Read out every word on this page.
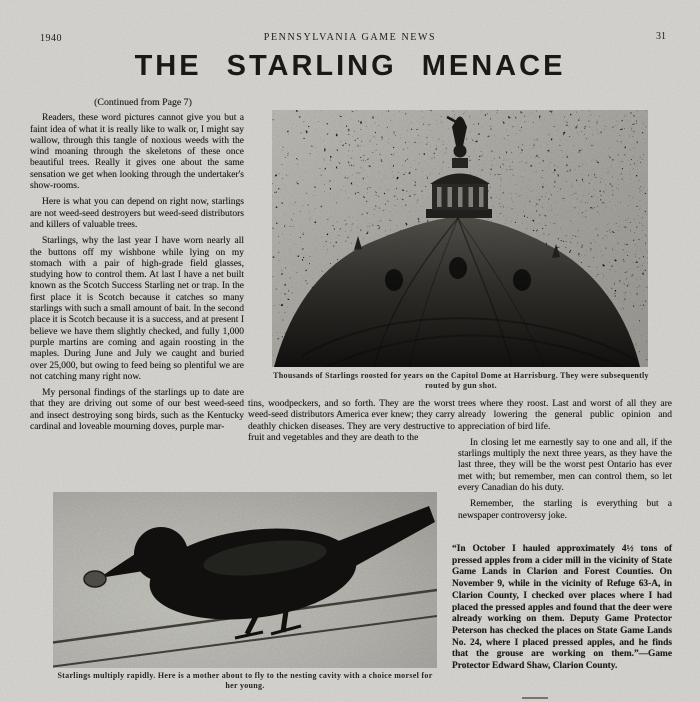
1940	PENNSYLVANIA GAME NEWS	31
THE STARLING MENACE

(Continued from Page 7)

Readers, these word pictures cannot give you but a faint idea of what it is really like to walk or, I might say wallow, through this tangle of noxious weeds with the wind moaning through the skeletons of these once beautiful trees. Really it gives one about the same sensation we get when looking through the undertaker's show-rooms.

Here is what you can depend on right now, starlings are not weed-seed destroyers but weed-seed distributors and killers of valuable trees.

Starlings, why the last year I have worn nearly all the buttons off my wishbone while lying on my stomach with a pair of high-grade field glasses, studying how to control them. At last I have a net built known as the Scotch Success Starling net or trap. In the first place it is Scotch because it catches so many starlings with such a small amount of bait. In the second place it is Scotch because it is a success, and at present I believe we have them slightly checked, and fully 1,000 purple martins are coming and again roosting in the maples. During June and July we caught and buried over 25,000, but owing to feed being so plentiful we are not catching many right now.

My personal findings of the starlings up to date are that they are driving out some of our best weed-seed and insect destroying song birds, such as the Kentucky cardinal and loveable mourning doves, purple mar-

Thousands of Starlings roosted for years on the Capitol Dome at Harrisburg. They were subsequently routed by gun shot.

tins, woodpeckers, and so forth. They are the worst weed-seed distributors America ever knew; they carry deathly chicken diseases. They are very destructive to fruit and vegetables and they are death to the

trees where they roost. Last and worst of all they are already lowering the general public opinion and appreciation of bird life.

In closing let me earnestly say to one and all, if the starlings multiply the next three years, as they have the last three, they will be the worst pest Ontario has ever met with; but remember, men can control them, so let every Canadian do his duty.

Remember, the starling is everything but a newspaper controversy joke.

“In October I hauled approximately 4½ tons of pressed apples from a cider mill in the vicinity of State Game Lands in Clarion and Forest Counties. On November 9, while in the vicinity of Refuge 63-A, in Clarion County, I checked over places where I had placed the pressed apples and found that the deer were already working on them. Deputy Game Protector Peterson has checked the places on State Game Lands No. 24, where I placed pressed apples, and he finds that the grouse are working on them.”—Game Protector Edward Shaw, Clarion County.
Starlings multiply rapidly. Here is a mother about to fly to the nesting cavity with a choice morsel for her young.
